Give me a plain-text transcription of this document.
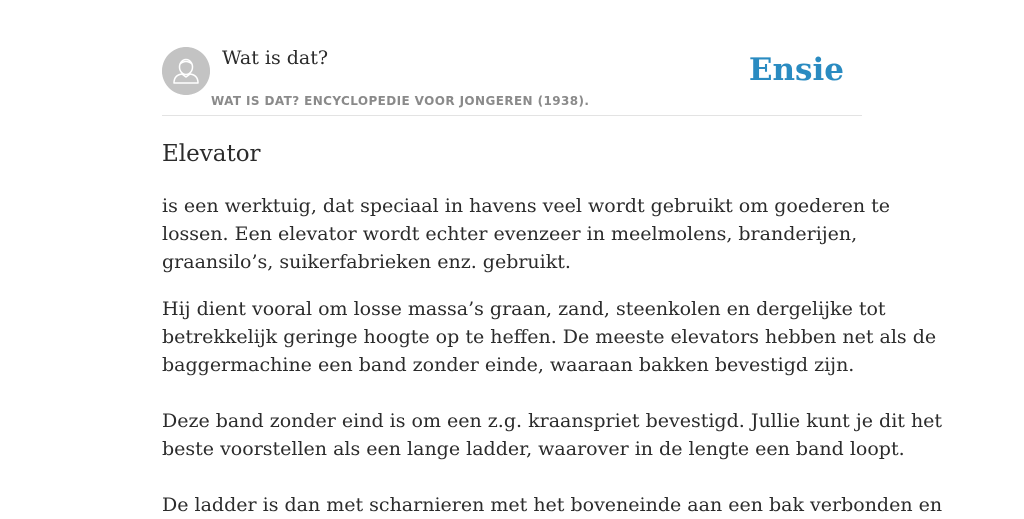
Wat is dat?
WAT IS DAT? ENCYCLOPEDIE VOOR JONGEREN (1938).
Ensie
Elevator

is een werktuig, dat speciaal in havens veel wordt gebruikt om goederen te

lossen. Een elevator wordt echter evenzeer in meelmolens, branderijen,

graansilo’s, suikerfabrieken enz. gebruikt.

Hij dient vooral om losse massa’s graan, zand, steenkolen en dergelijke tot

betrekkelijk geringe hoogte op te heffen. De meeste elevators hebben net als de

baggermachine een band zonder einde, waaraan bakken bevestigd zijn.

Deze band zonder eind is om een z.g. kraanspriet bevestigd. Jullie kunt je dit het

beste voorstellen als een lange ladder, waarover in de lengte een band loopt.

De ladder is dan met scharnieren met het boveneinde aan een bak verbonden en
